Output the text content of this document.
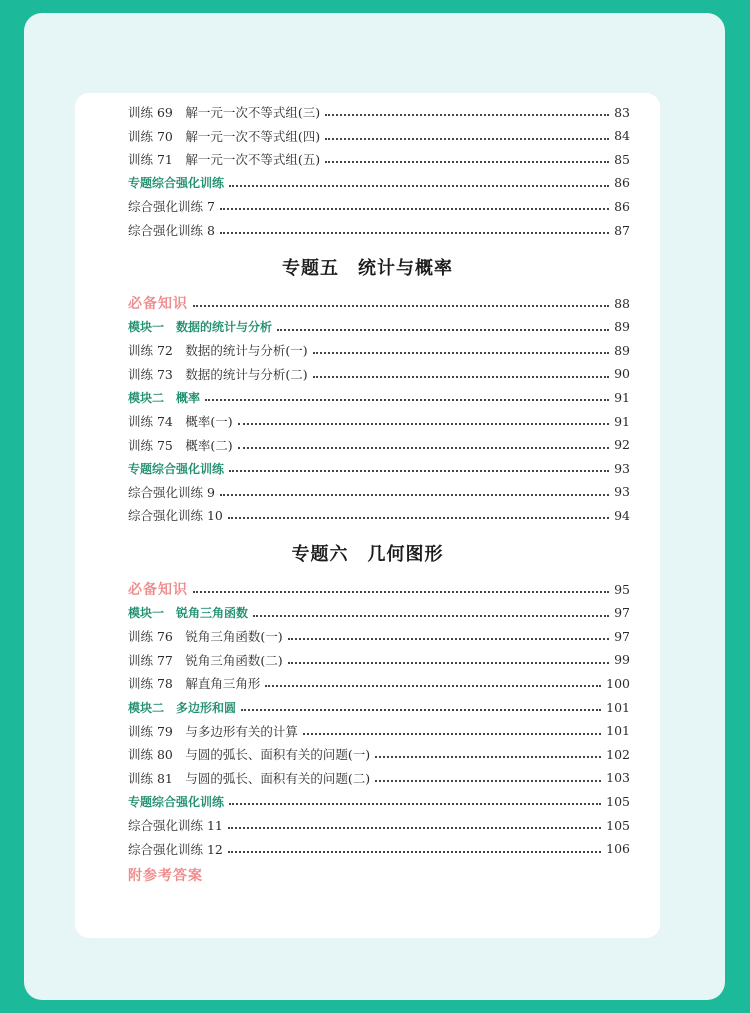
训练 69　解一元一次不等式组(三)	83
训练 70　解一元一次不等式组(四)	84
训练 71　解一元一次不等式组(五)	85
专题综合强化训练	86
综合强化训练 7	86
综合强化训练 8	87
专题五　统计与概率
必备知识	88
模块一　数据的统计与分析	89
训练 72　数据的统计与分析(一)	89
训练 73　数据的统计与分析(二)	90
模块二　概率	91
训练 74　概率(一)	91
训练 75　概率(二)	92
专题综合强化训练	93
综合强化训练 9	93
综合强化训练 10	94
专题六　几何图形
必备知识	95
模块一　锐角三角函数	97
训练 76　锐角三角函数(一)	97
训练 77　锐角三角函数(二)	99
训练 78　解直角三角形	100
模块二　多边形和圆	101
训练 79　与多边形有关的计算	101
训练 80　与圆的弧长、面积有关的问题(一)	102
训练 81　与圆的弧长、面积有关的问题(二)	103
专题综合强化训练	105
综合强化训练 11	105
综合强化训练 12	106
附参考答案
